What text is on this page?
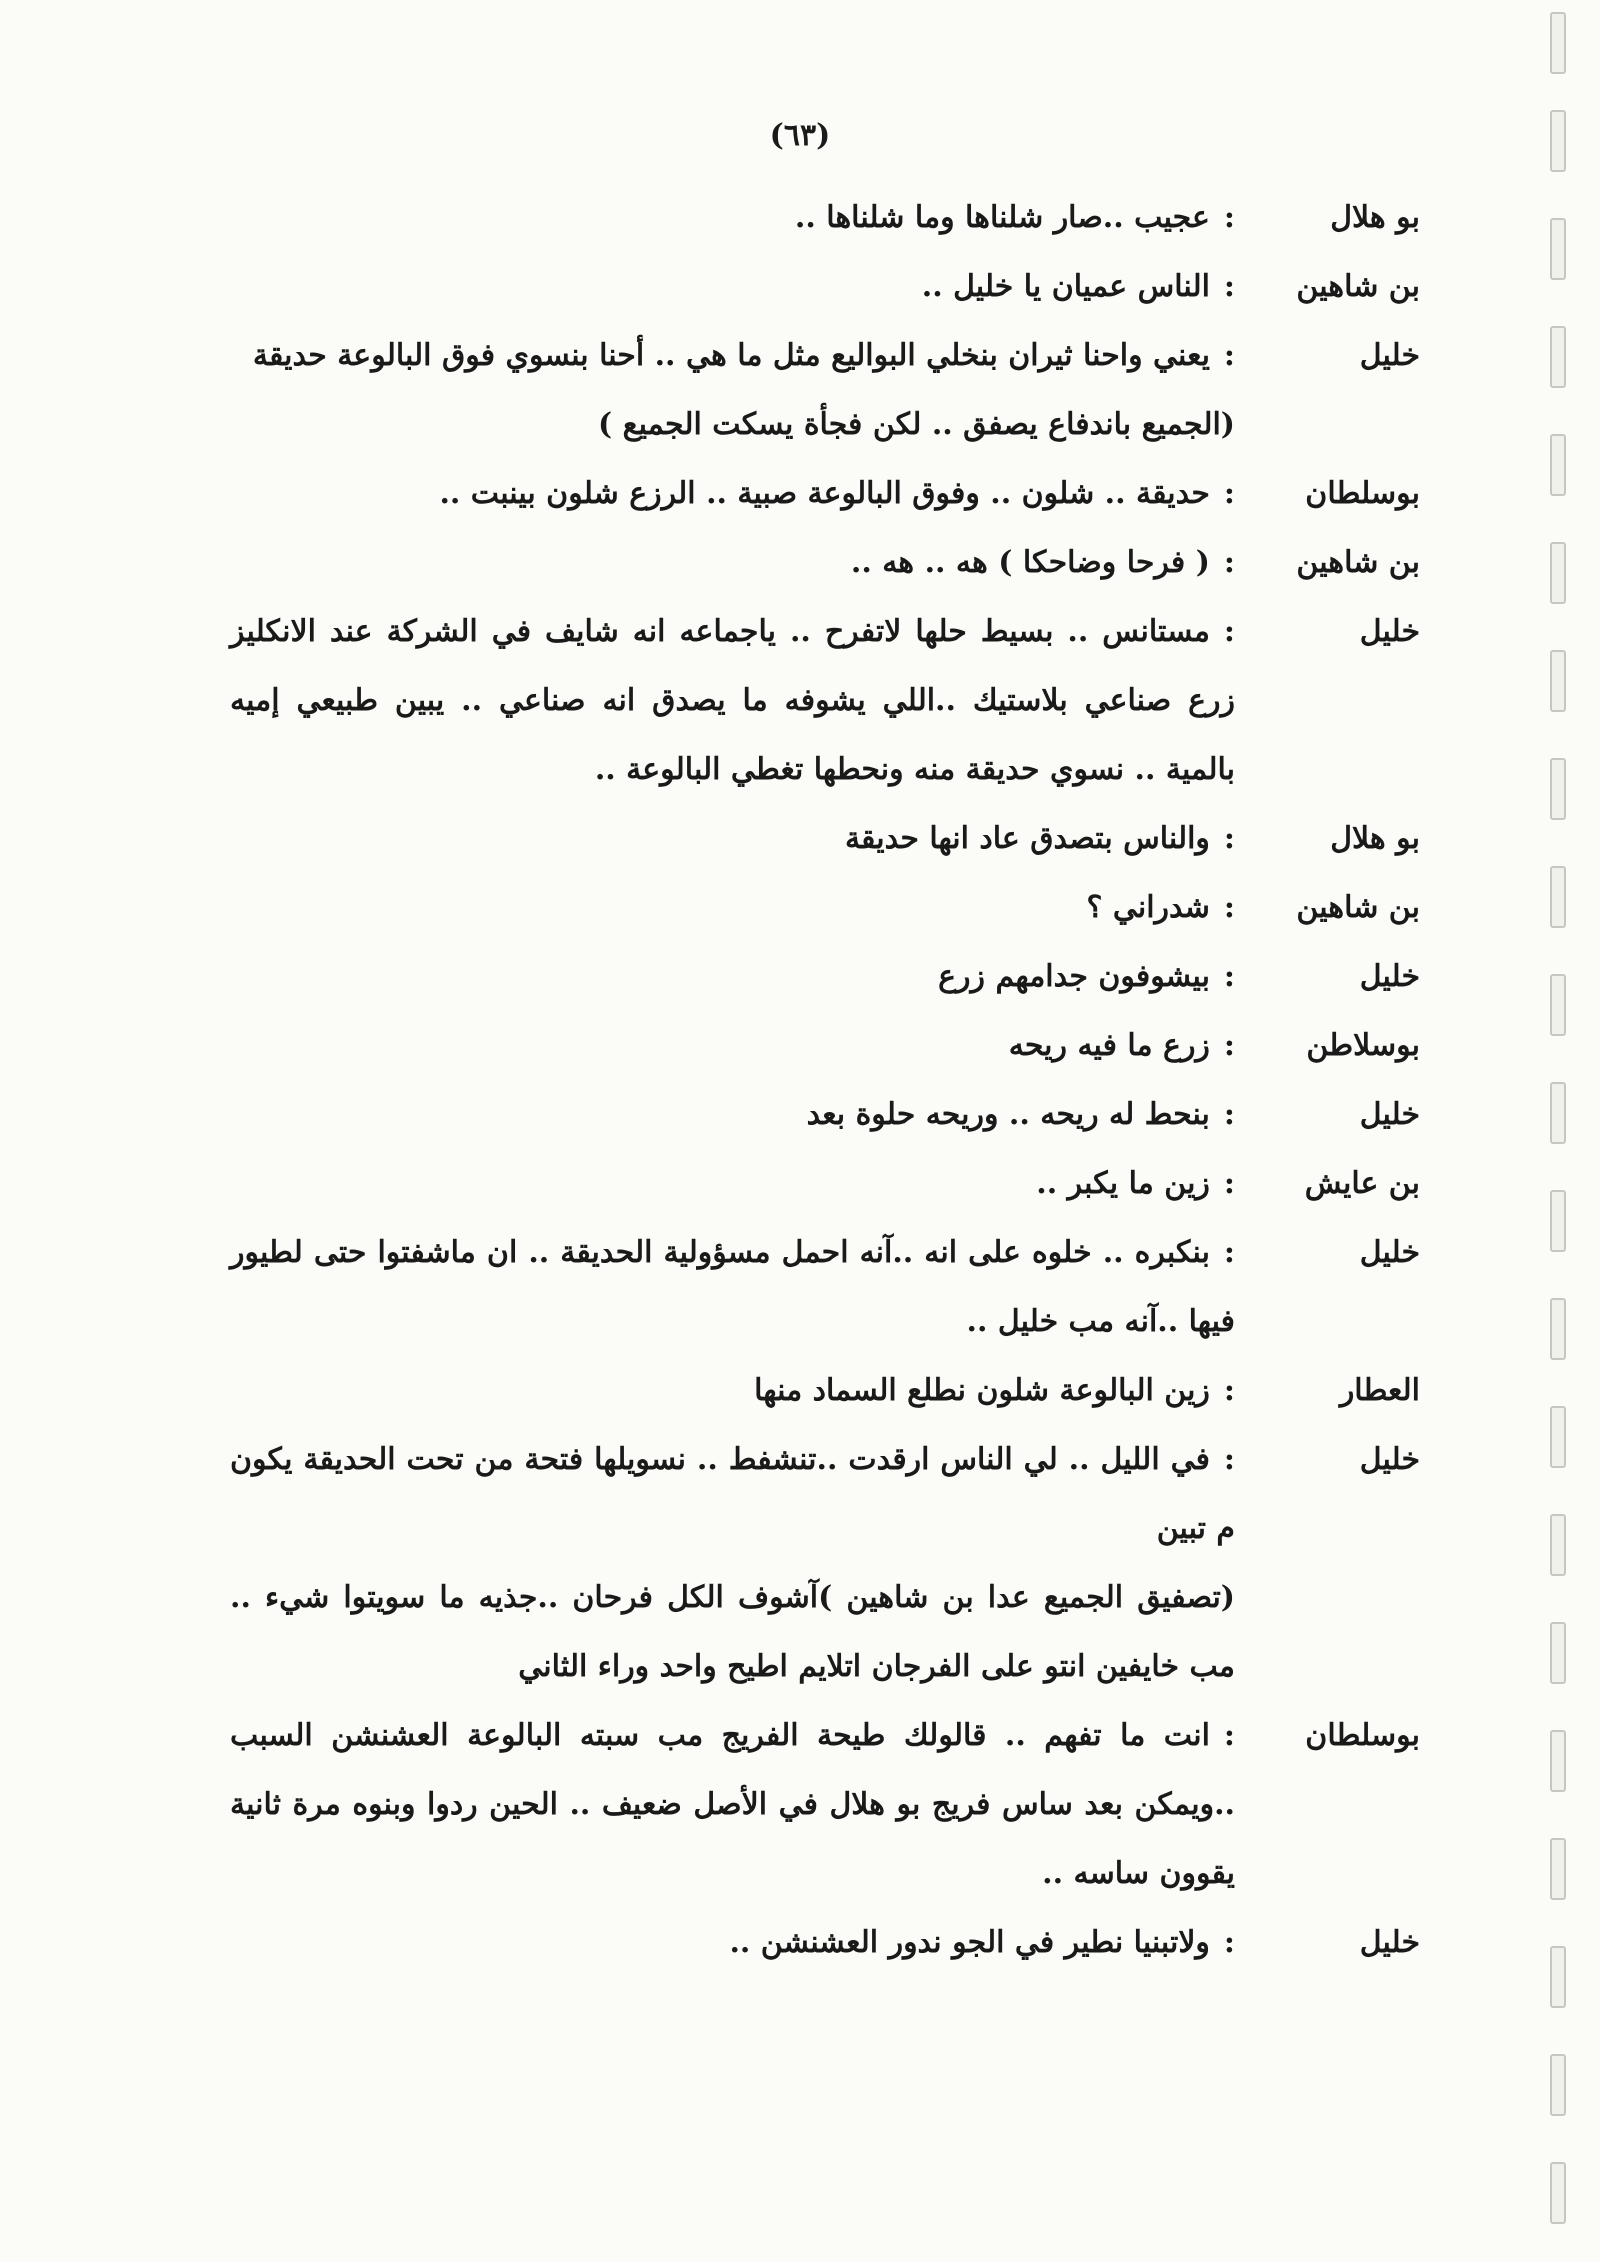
(٦٣)
بو هلال
:عجيب ..صار شلناها وما شلناها ..
بن شاهين
:الناس عميان يا خليل ..
خليل
:يعني واحنا ثيران بنخلي البواليع مثل ما هي .. أحنا بنسوي فوق البالوعة حديقة
(الجميع باندفاع يصفق .. لكن فجأة يسكت الجميع )
بوسلطان
:حديقة .. شلون .. وفوق البالوعة صبية .. الرزع شلون بينبت ..
بن شاهين
:( فرحا وضاحكا ) هه .. هه ..
خليل
:مستانس .. بسيط حلها لاتفرح .. ياجماعه انه شايف في الشركة عند الانكليز زرع صناعي بلاستيك ..اللي يشوفه ما يصدق انه صناعي .. يبين طبيعي إميه بالمية .. نسوي حديقة منه ونحطها تغطي البالوعة ..
بو هلال
:والناس بتصدق عاد انها حديقة
بن شاهين
:شدراني ؟
خليل
:بيشوفون جدامهم زرع
بوسلاطن
:زرع ما فيه ريحه
خليل
:بنحط له ريحه .. وريحه حلوة بعد
بن عايش
:زين ما يكبر ..
خليل
:بنكبره .. خلوه على انه ..آنه احمل مسؤولية الحديقة .. ان ماشفتوا حتى لطيور فيها ..آنه مب خليل ..
العطار
:زين البالوعة شلون نطلع السماد منها
خليل
:في الليل .. لي الناس ارقدت ..تنشفط .. نسويلها فتحة من تحت الحديقة يكون م تبين
(تصفيق الجميع عدا بن شاهين )آشوف الكل فرحان ..جذيه ما سويتوا شيء .. مب خايفين انتو على الفرجان اتلايم اطيح واحد وراء الثاني
بوسلطان
:انت ما تفهم .. قالولك طيحة الفريج مب سبته البالوعة العشنشن السبب ..ويمكن بعد ساس فريج بو هلال في الأصل ضعيف .. الحين ردوا وبنوه مرة ثانية يقوون ساسه ..
خليل
:ولاتبنيا نطير في الجو ندور العشنشن ..
